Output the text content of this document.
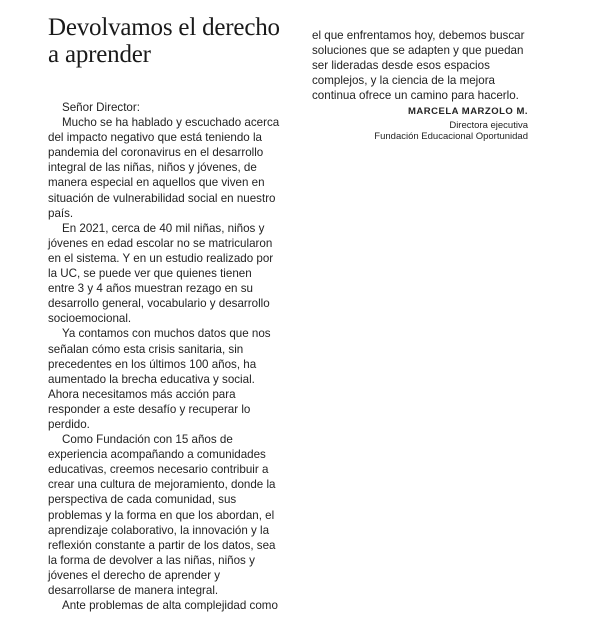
Devolvamos el derecho a aprender
Señor Director:

Mucho se ha hablado y escuchado acerca del impacto negativo que está teniendo la pandemia del coronavirus en el desarrollo integral de las niñas, niños y jóvenes, de manera especial en aquellos que viven en situación de vulnerabilidad social en nuestro país.

En 2021, cerca de 40 mil niñas, niños y jóvenes en edad escolar no se matricularon en el sistema. Y en un estudio realizado por la UC, se puede ver que quienes tienen entre 3 y 4 años muestran rezago en su desarrollo general, vocabulario y desarrollo socioemocional.

Ya contamos con muchos datos que nos señalan cómo esta crisis sanitaria, sin precedentes en los últimos 100 años, ha aumentado la brecha educativa y social. Ahora necesitamos más acción para responder a este desafío y recuperar lo perdido.

Como Fundación con 15 años de experiencia acompañando a comunidades educativas, creemos necesario contribuir a crear una cultura de mejoramiento, donde la perspectiva de cada comunidad, sus problemas y la forma en que los abordan, el aprendizaje colaborativo, la innovación y la reflexión constante a partir de los datos, sea la forma de devolver a las niñas, niños y jóvenes el derecho de aprender y desarrollarse de manera integral.

Ante problemas de alta complejidad como

el que enfrentamos hoy, debemos buscar soluciones que se adapten y que puedan ser lideradas desde esos espacios complejos, y la ciencia de la mejora continua ofrece un camino para hacerlo.

MARCELA MARZOLO M.
Directora ejecutiva
Fundación Educacional Oportunidad
